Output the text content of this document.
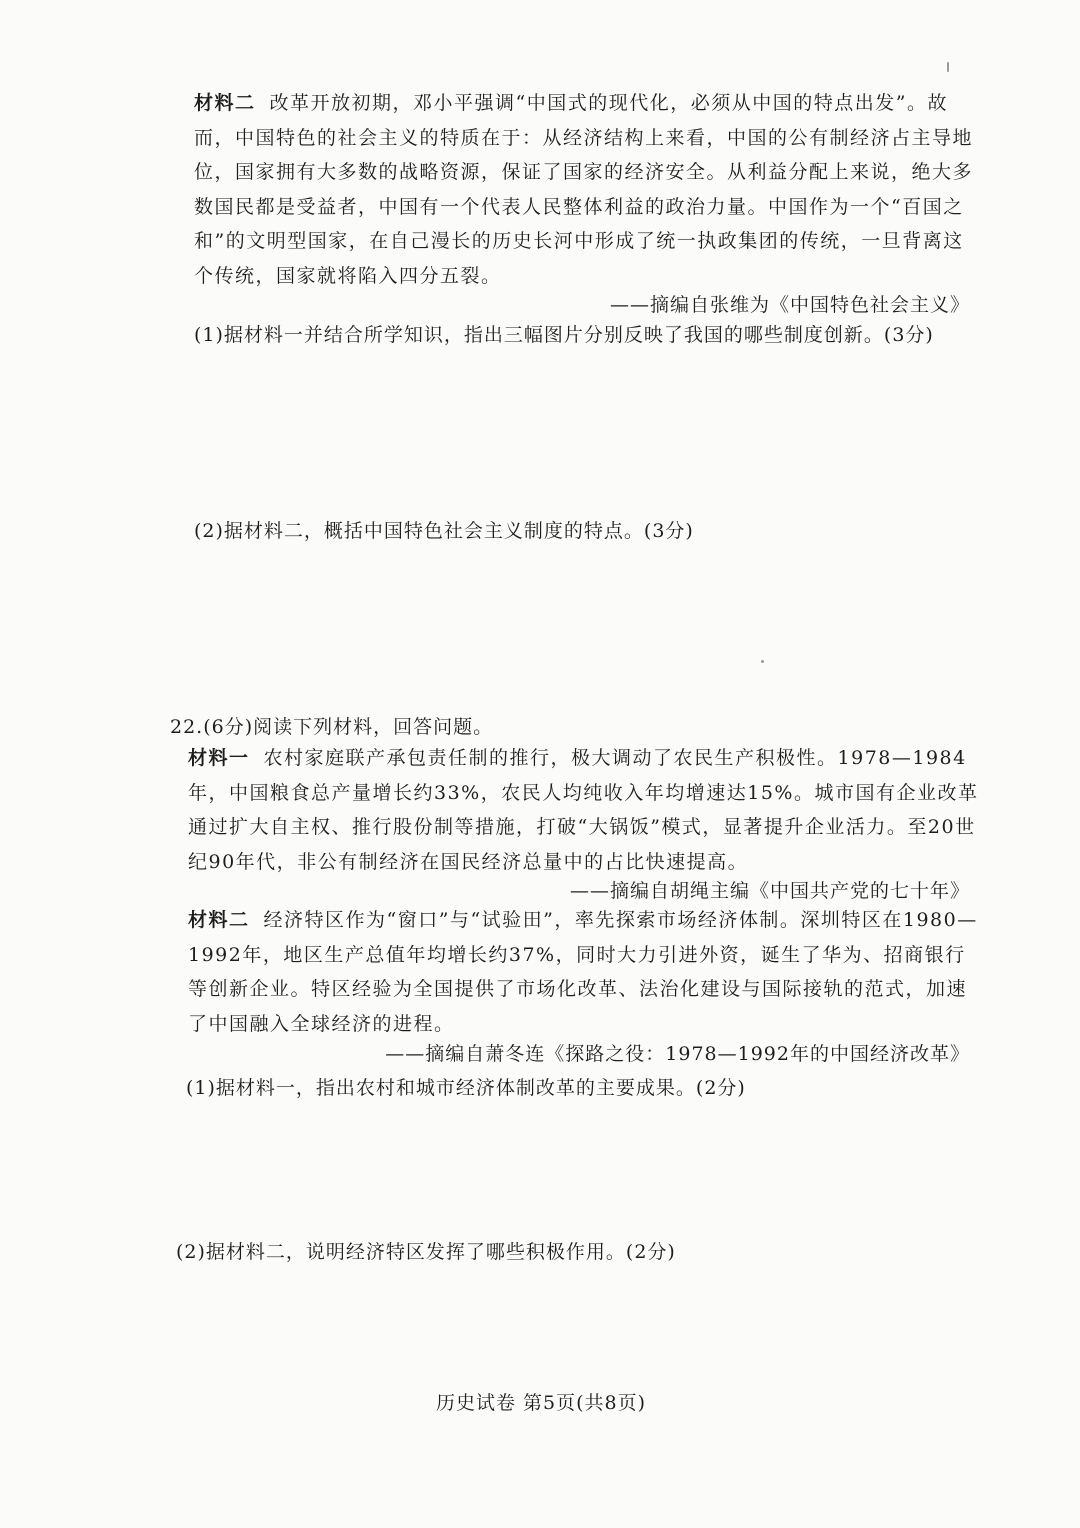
材料二 改革开放初期，邓小平强调“中国式的现代化，必须从中国的特点出发”。故而，中国特色的社会主义的特质在于：从经济结构上来看，中国的公有制经济占主导地位，国家拥有大多数的战略资源，保证了国家的经济安全。从利益分配上来说，绝大多数国民都是受益者，中国有一个代表人民整体利益的政治力量。中国作为一个“百国之和”的文明型国家，在自己漫长的历史长河中形成了统一执政集团的传统，一旦背离这个传统，国家就将陷入四分五裂。
——摘编自张维为《中国特色社会主义》
(1)据材料一并结合所学知识，指出三幅图片分别反映了我国的哪些制度创新。(3分)
(2)据材料二，概括中国特色社会主义制度的特点。(3分)
22.(6分)阅读下列材料，回答问题。
材料一 农村家庭联产承包责任制的推行，极大调动了农民生产积极性。1978—1984年，中国粮食总产量增长约33%，农民人均纯收入年均增速达15%。城市国有企业改革通过扩大自主权、推行股份制等措施，打破“大锅饭”模式，显著提升企业活力。至20世纪90年代，非公有制经济在国民经济总量中的占比快速提高。
——摘编自胡绳主编《中国共产党的七十年》
材料二 经济特区作为“窗口”与“试验田”，率先探索市场经济体制。深圳特区在1980—1992年，地区生产总值年均增长约37%，同时大力引进外资，诞生了华为、招商银行等创新企业。特区经验为全国提供了市场化改革、法治化建设与国际接轨的范式，加速了中国融入全球经济的进程。
——摘编自萧冬连《探路之役：1978—1992年的中国经济改革》
(1)据材料一，指出农村和城市经济体制改革的主要成果。(2分)
(2)据材料二，说明经济特区发挥了哪些积极作用。(2分)
历史试卷 第5页(共8页)
